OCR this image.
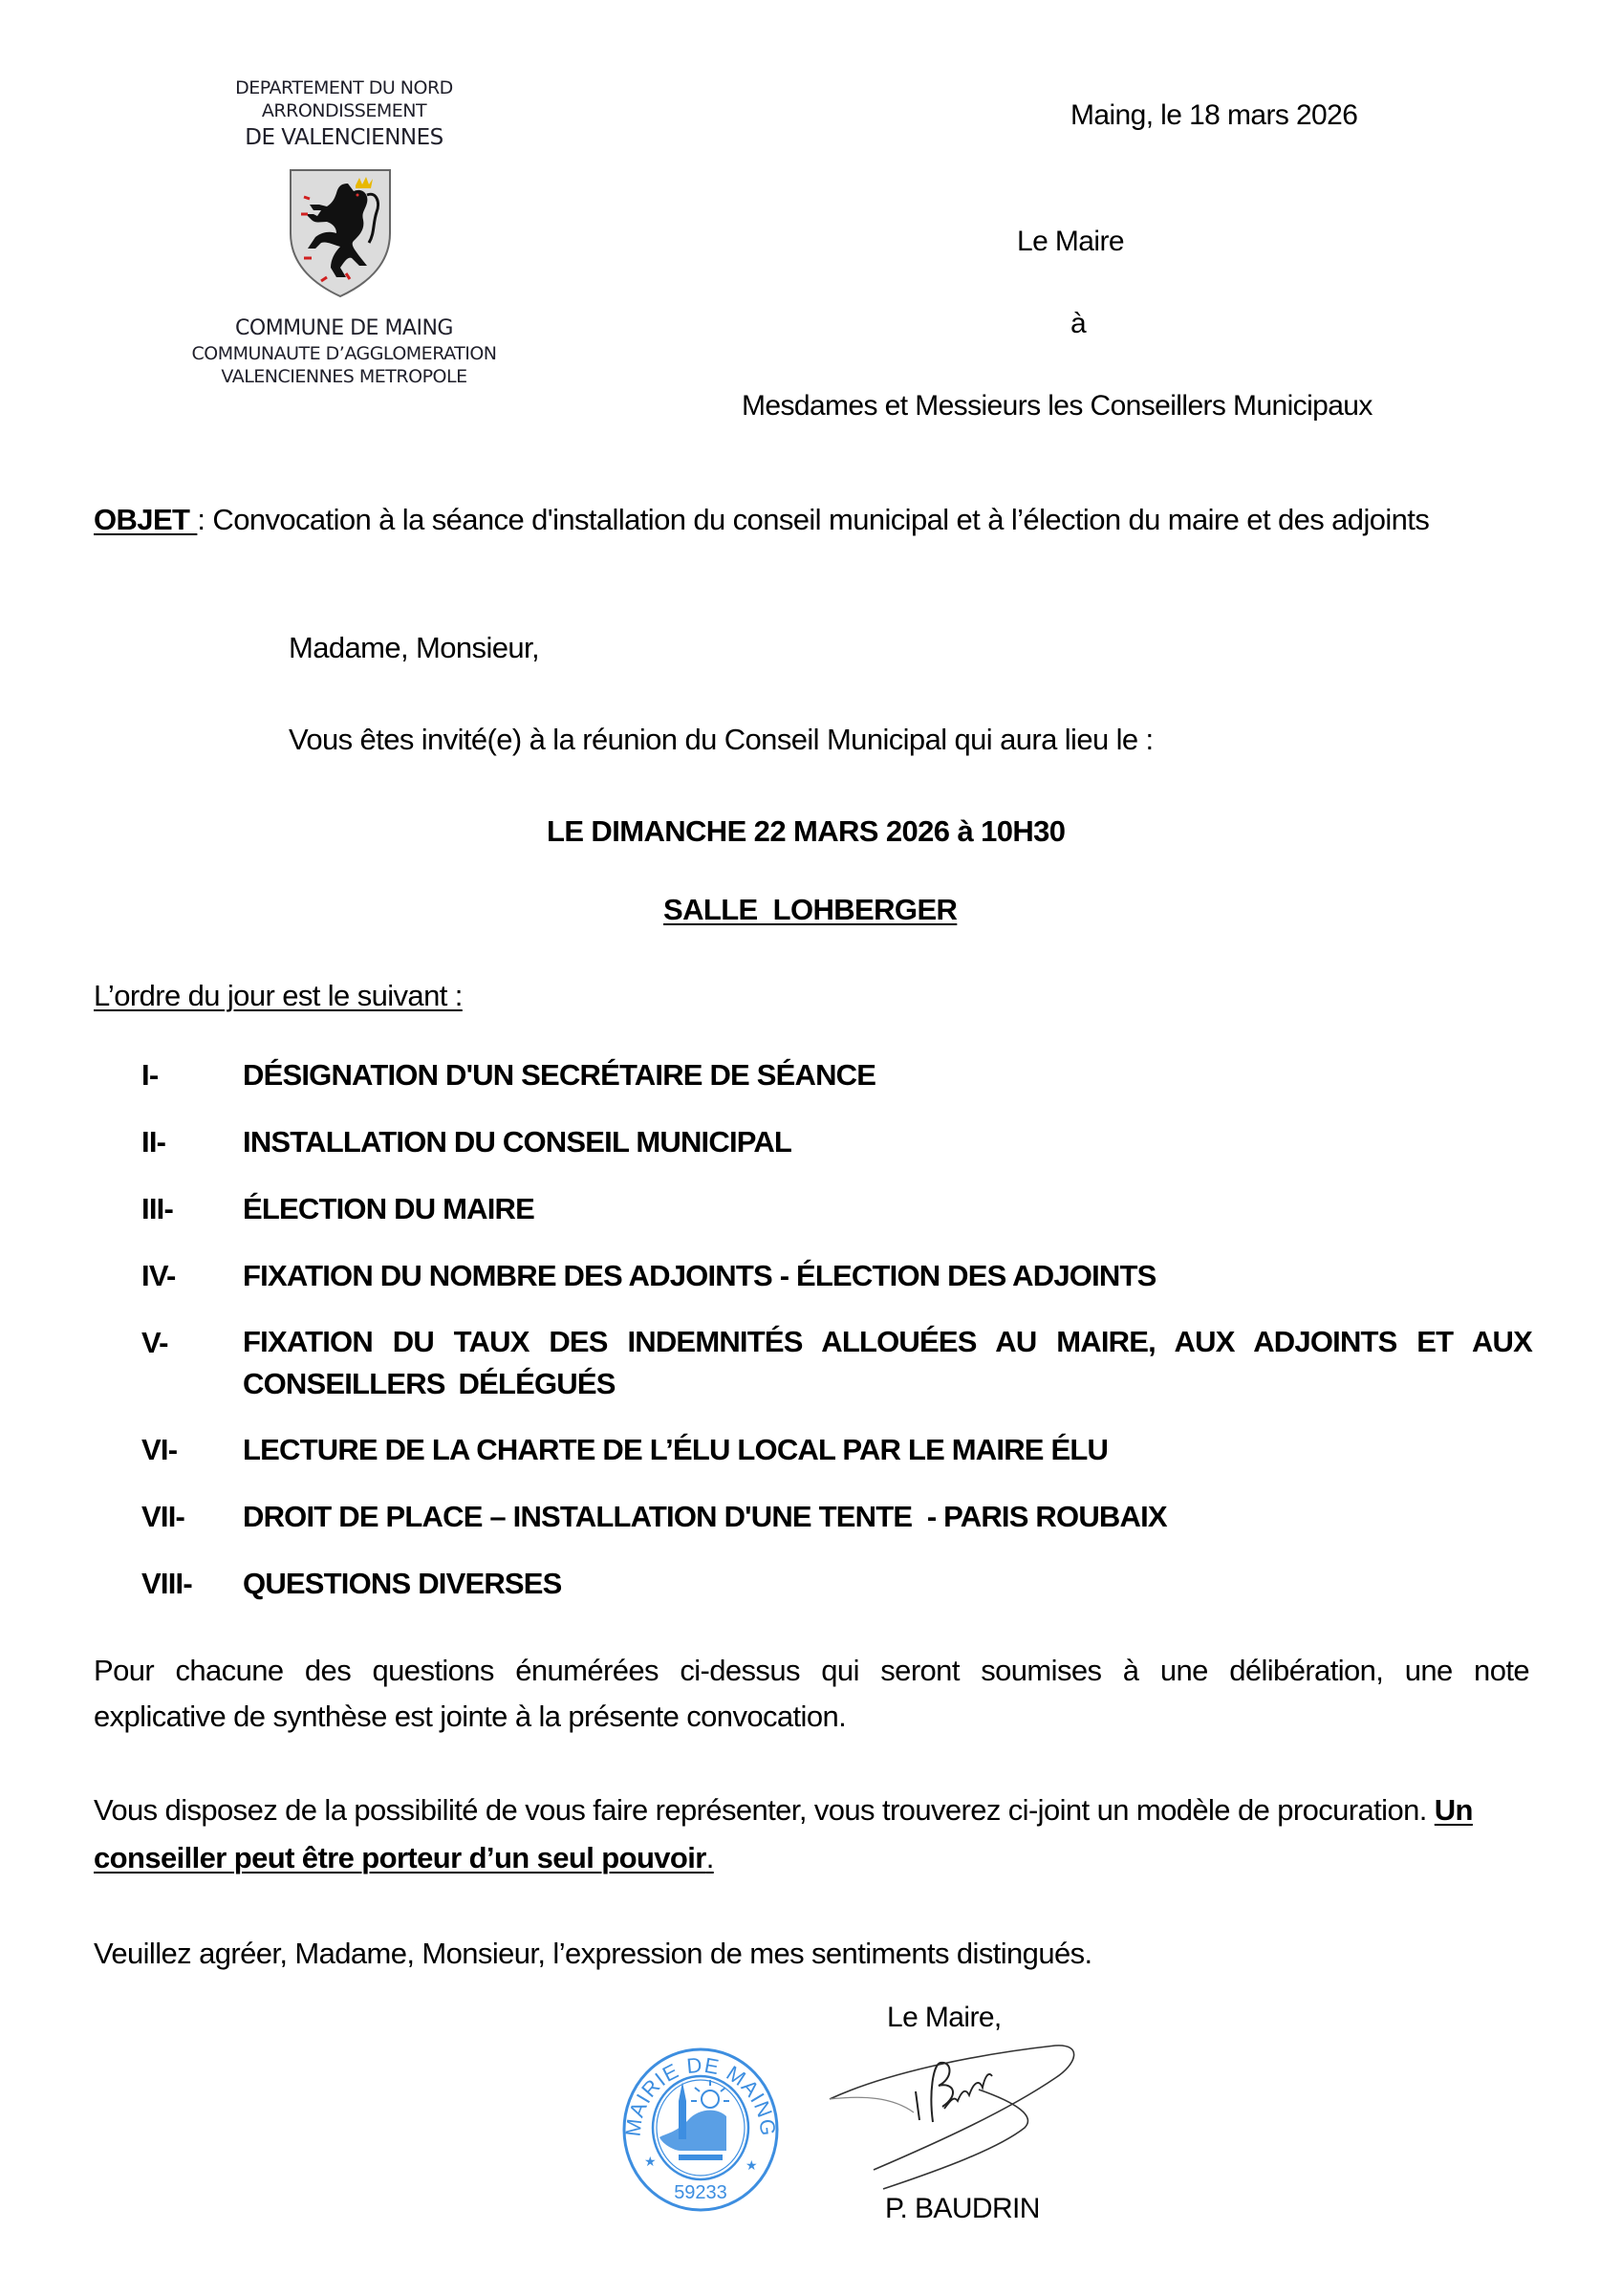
DEPARTEMENT DU NORD
ARRONDISSEMENT
DE VALENCIENNES
COMMUNE DE MAING
COMMUNAUTE D’AGGLOMERATION
VALENCIENNES METROPOLE
Maing, le 18 mars 2026
Le Maire
à
Mesdames et Messieurs les Conseillers Municipaux
OBJET : Convocation à la séance d'installation du conseil municipal et à l’élection du maire et des adjoints
Madame, Monsieur,
Vous êtes invité(e) à la réunion du Conseil Municipal qui aura lieu le :
LE DIMANCHE 22 MARS 2026 à 10H30
SALLE  LOHBERGER
L’ordre du jour est le suivant :
I-	DÉSIGNATION D'UN SECRÉTAIRE DE SÉANCE
II-	INSTALLATION DU CONSEIL MUNICIPAL
III- ÉLECTION DU MAIRE
IV- FIXATION DU NOMBRE DES ADJOINTS - ÉLECTION DES ADJOINTS
V-	FIXATION DU TAUX DES INDEMNITÉS ALLOUÉES AU MAIRE, AUX ADJOINTS ET AUX CONSEILLERS DÉLÉGUÉS
VI- LECTURE DE LA CHARTE DE L’ÉLU LOCAL PAR LE MAIRE ÉLU
VII- DROIT DE PLACE – INSTALLATION D'UNE TENTE  - PARIS ROUBAIX
VIII- QUESTIONS DIVERSES
Pour chacune des questions énumérées ci-dessus qui seront soumises à une délibération, une note
explicative de synthèse est jointe à la présente convocation.
Vous disposez de la possibilité de vous faire représenter, vous trouverez ci-joint un modèle de procuration. Un
conseiller peut être porteur d’un seul pouvoir.
Veuillez agréer, Madame, Monsieur, l’expression de mes sentiments distingués.
Le Maire,
MAIRIE DE MAING
★	★
59233	P. BAUDRIN
